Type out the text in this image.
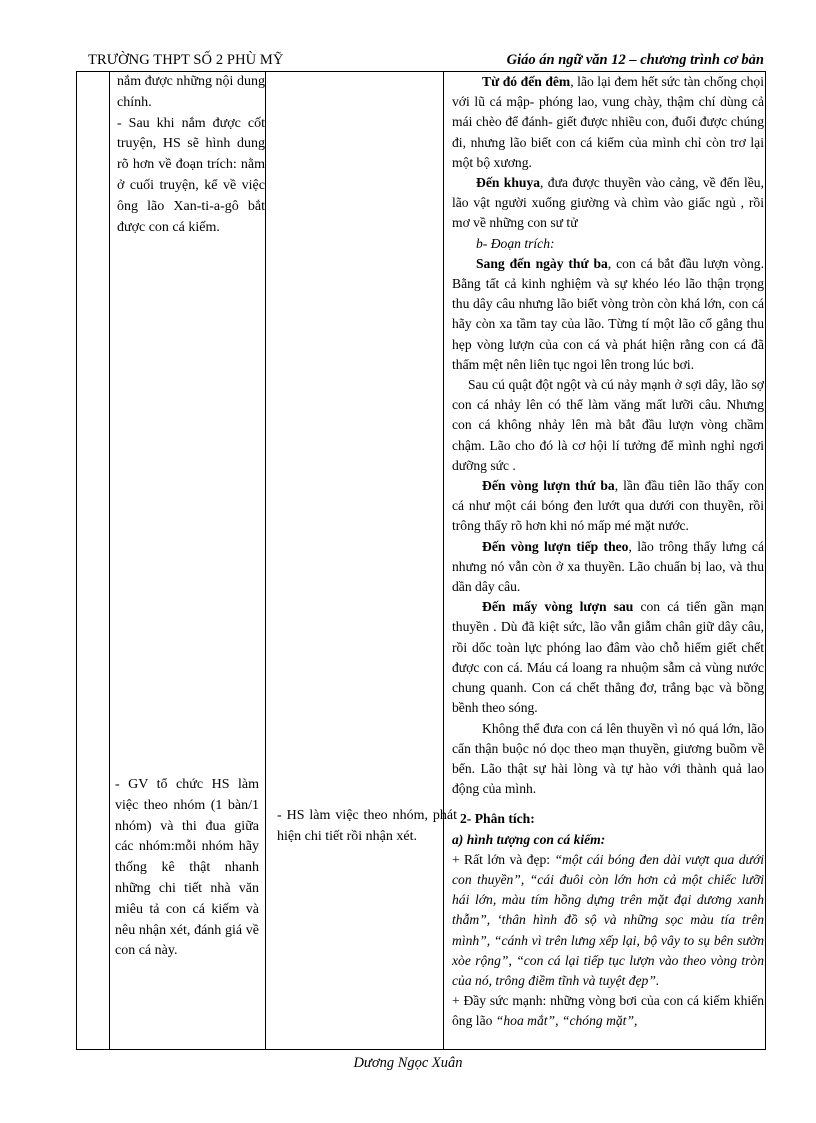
TRƯỜNG THPT SỐ 2 PHÙ MỸ	Giáo án ngữ văn 12 – chương trình cơ bản

nắm được những nội dung chính.

- Sau khi nắm được cốt truyện, HS sẽ hình dung rõ hơn về đoạn trích: nằm ở cuối truyện, kể về việc ông lão Xan-ti-a-gô bắt được con cá kiếm.

- GV tổ chức HS làm việc theo nhóm (1 bàn/1 nhóm) và thi đua giữa các nhóm:mỗi nhóm hãy thống kê thật nhanh những chi tiết nhà văn miêu tả con cá kiếm và nêu nhận xét, đánh giá về con cá này.

- HS làm việc theo nhóm, phát hiện chi tiết rồi nhận xét.

Từ đó đến đêm, lão lại đem hết sức tàn chống chọi với lũ cá mập- phóng lao, vung chày, thậm chí dùng cả mái chèo để đánh- giết được nhiều con, đuổi được chúng đi, nhưng lão biết con cá kiếm của mình chỉ còn trơ lại một bộ xương.

Đến khuya, đưa được thuyền vào cảng, về đến lều, lão vật người xuống giường và chìm vào giấc ngủ , rồi mơ về những con sư tử

b- Đoạn trích:

Sang đến ngày thứ ba, con cá bắt đầu lượn vòng. Bằng tất cả kinh nghiệm và sự khéo léo lão thận trọng thu dây câu nhưng lão biết vòng tròn còn khá lớn, con cá hãy còn xa tầm tay của lão. Từng tí một lão cố gắng thu hẹp vòng lượn của con cá và phát hiện rằng con cá đã thấm mệt nên liên tục ngoi lên trong lúc bơi.

Sau cú quật đột ngột và cú nảy mạnh ở sợi dây, lão sợ con cá nhảy lên có thể làm văng mất lưỡi câu. Nhưng con cá không nhảy lên mà bắt đầu lượn vòng chầm chậm. Lão cho đó là cơ hội lí tưởng để mình nghỉ ngơi dưỡng sức .

Đến vòng lượn thứ ba, lần đầu tiên lão thấy con cá như một cái bóng đen lướt qua dưới con thuyền, rồi trông thấy rõ hơn khi nó mấp mé mặt nước.

Đến vòng lượn tiếp theo, lão trông thấy lưng cá nhưng nó vẫn còn ở xa thuyền. Lão chuẩn bị lao, và thu dần dây câu.

Đến mấy vòng lượn sau con cá tiến gần mạn thuyền . Dù đã kiệt sức, lão vẫn giẫm chân giữ dây câu, rồi dốc toàn lực phóng lao đâm vào chỗ hiểm giết chết được con cá. Máu cá loang ra nhuộm sẫm cả vùng nước chung quanh. Con cá chết thẳng đơ, trắng bạc và bồng bềnh theo sóng.

Không thể đưa con cá lên thuyền vì nó quá lớn, lão cẩn thận buộc nó dọc theo mạn thuyền, giương buồm về bến. Lão thật sự hài lòng và tự hào với thành quả lao động của mình.

2- Phân tích:

a) hình tượng con cá kiếm:

+ Rất lớn và đẹp: “một cái bóng đen dài vượt qua dưới con thuyền”, “cái đuôi còn lớn hơn cả một chiếc lưỡi hái lớn, màu tím hồng dựng trên mặt đại dương xanh thẫm”, ‘thân hình đồ sộ và những sọc màu tía trên mình”, “cánh vì trên lưng xếp lại, bộ vây to sụ bên sườn xòe rộng”, “con cá lại tiếp tục lượn vào theo vòng tròn của nó, trông điềm tĩnh và tuyệt đẹp”.

+ Đầy sức mạnh: những vòng bơi của con cá kiếm khiến ông lão “hoa mắt”, “chóng mặt”,

Dương Ngọc Xuân
